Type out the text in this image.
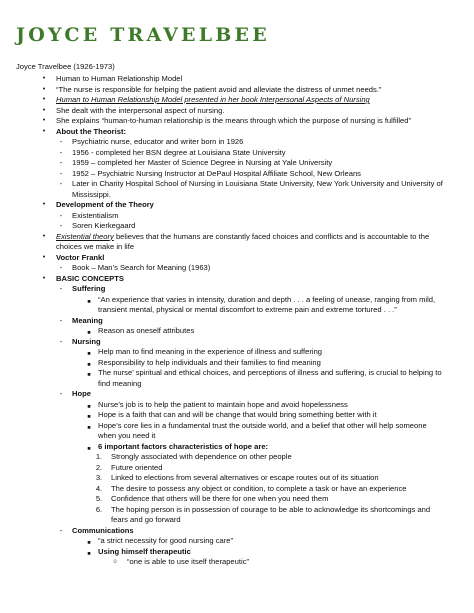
JOYCE TRAVELBEE
Joyce Travelbee (1926-1973)
•	Human to Human Relationship Model
•	“The nurse is responsible for helping the patient avoid and alleviate the distress of unmet needs.”
•	Human to Human Relationship Model presented in her book Interpersonal Aspects of Nursing
•	She dealt with the interpersonal aspect of nursing.
•	She explains “human-to-human relationship is the means through which the purpose of nursing is fulfilled”
•	About the Theorist:
-	Psychiatric nurse, educator and writer born in 1926
-	1956 - completed her BSN degree at Louisiana State University
-	1959 – completed her Master of Science Degree in Nursing at Yale University
-	1952 – Psychiatric Nursing Instructor at DePaul Hospital Affiliate School, New Orleans
-	Later in Charity Hospital School of Nursing in Louisiana State University, New York University and University of Mississippi.
•	Development of the Theory
-	Existentialism
-	Soren Kierkegaard
•	Existential theory believes that the humans are constantly faced choices and conflicts and is accountable to the choices we make in life
•	Voctor Frankl
-	Book – Man’s Search for Meaning (1963)
•	BASIC CONCEPTS
-	Suffering
■ “An experience that varies in intensity, duration and depth . . . a feeling of unease, ranging from mild, transient mental, physical or mental discomfort to extreme pain and extreme tortured . . .”
-	Meaning
■ Reason as oneself attributes
-	Nursing
■ Help man to find meaning in the experience of illness and suffering
■ Responsibility to help individuals and their families to find meaning
■ The nurse’ spiritual and ethical choices, and perceptions of illness and suffering, is crucial to helping to find meaning
-	Hope
■ Nurse’s job is to help the patient to maintain hope and avoid hopelessness
■ Hope is a faith that can and will be change that would bring something better with it
■ Hope’s core lies in a fundamental trust the outside world, and a belief that other will help someone when you need it
■ 6 important factors characteristics of hope are:
1. Strongly associated with dependence on other people
2. Future oriented
3. Linked to elections from several alternatives or escape routes out of its situation
4. The desire to possess any object or condition, to complete a task or have an experience
5. Confidence that others will be there for one when you need them
6. The hoping person is in possession of courage to be able to acknowledge its shortcomings and fears and go forward
-	Communications
■ “a strict necessity for good nursing care”
■ Using himself therapeutic
o	“one is able to use itself therapeutic”
